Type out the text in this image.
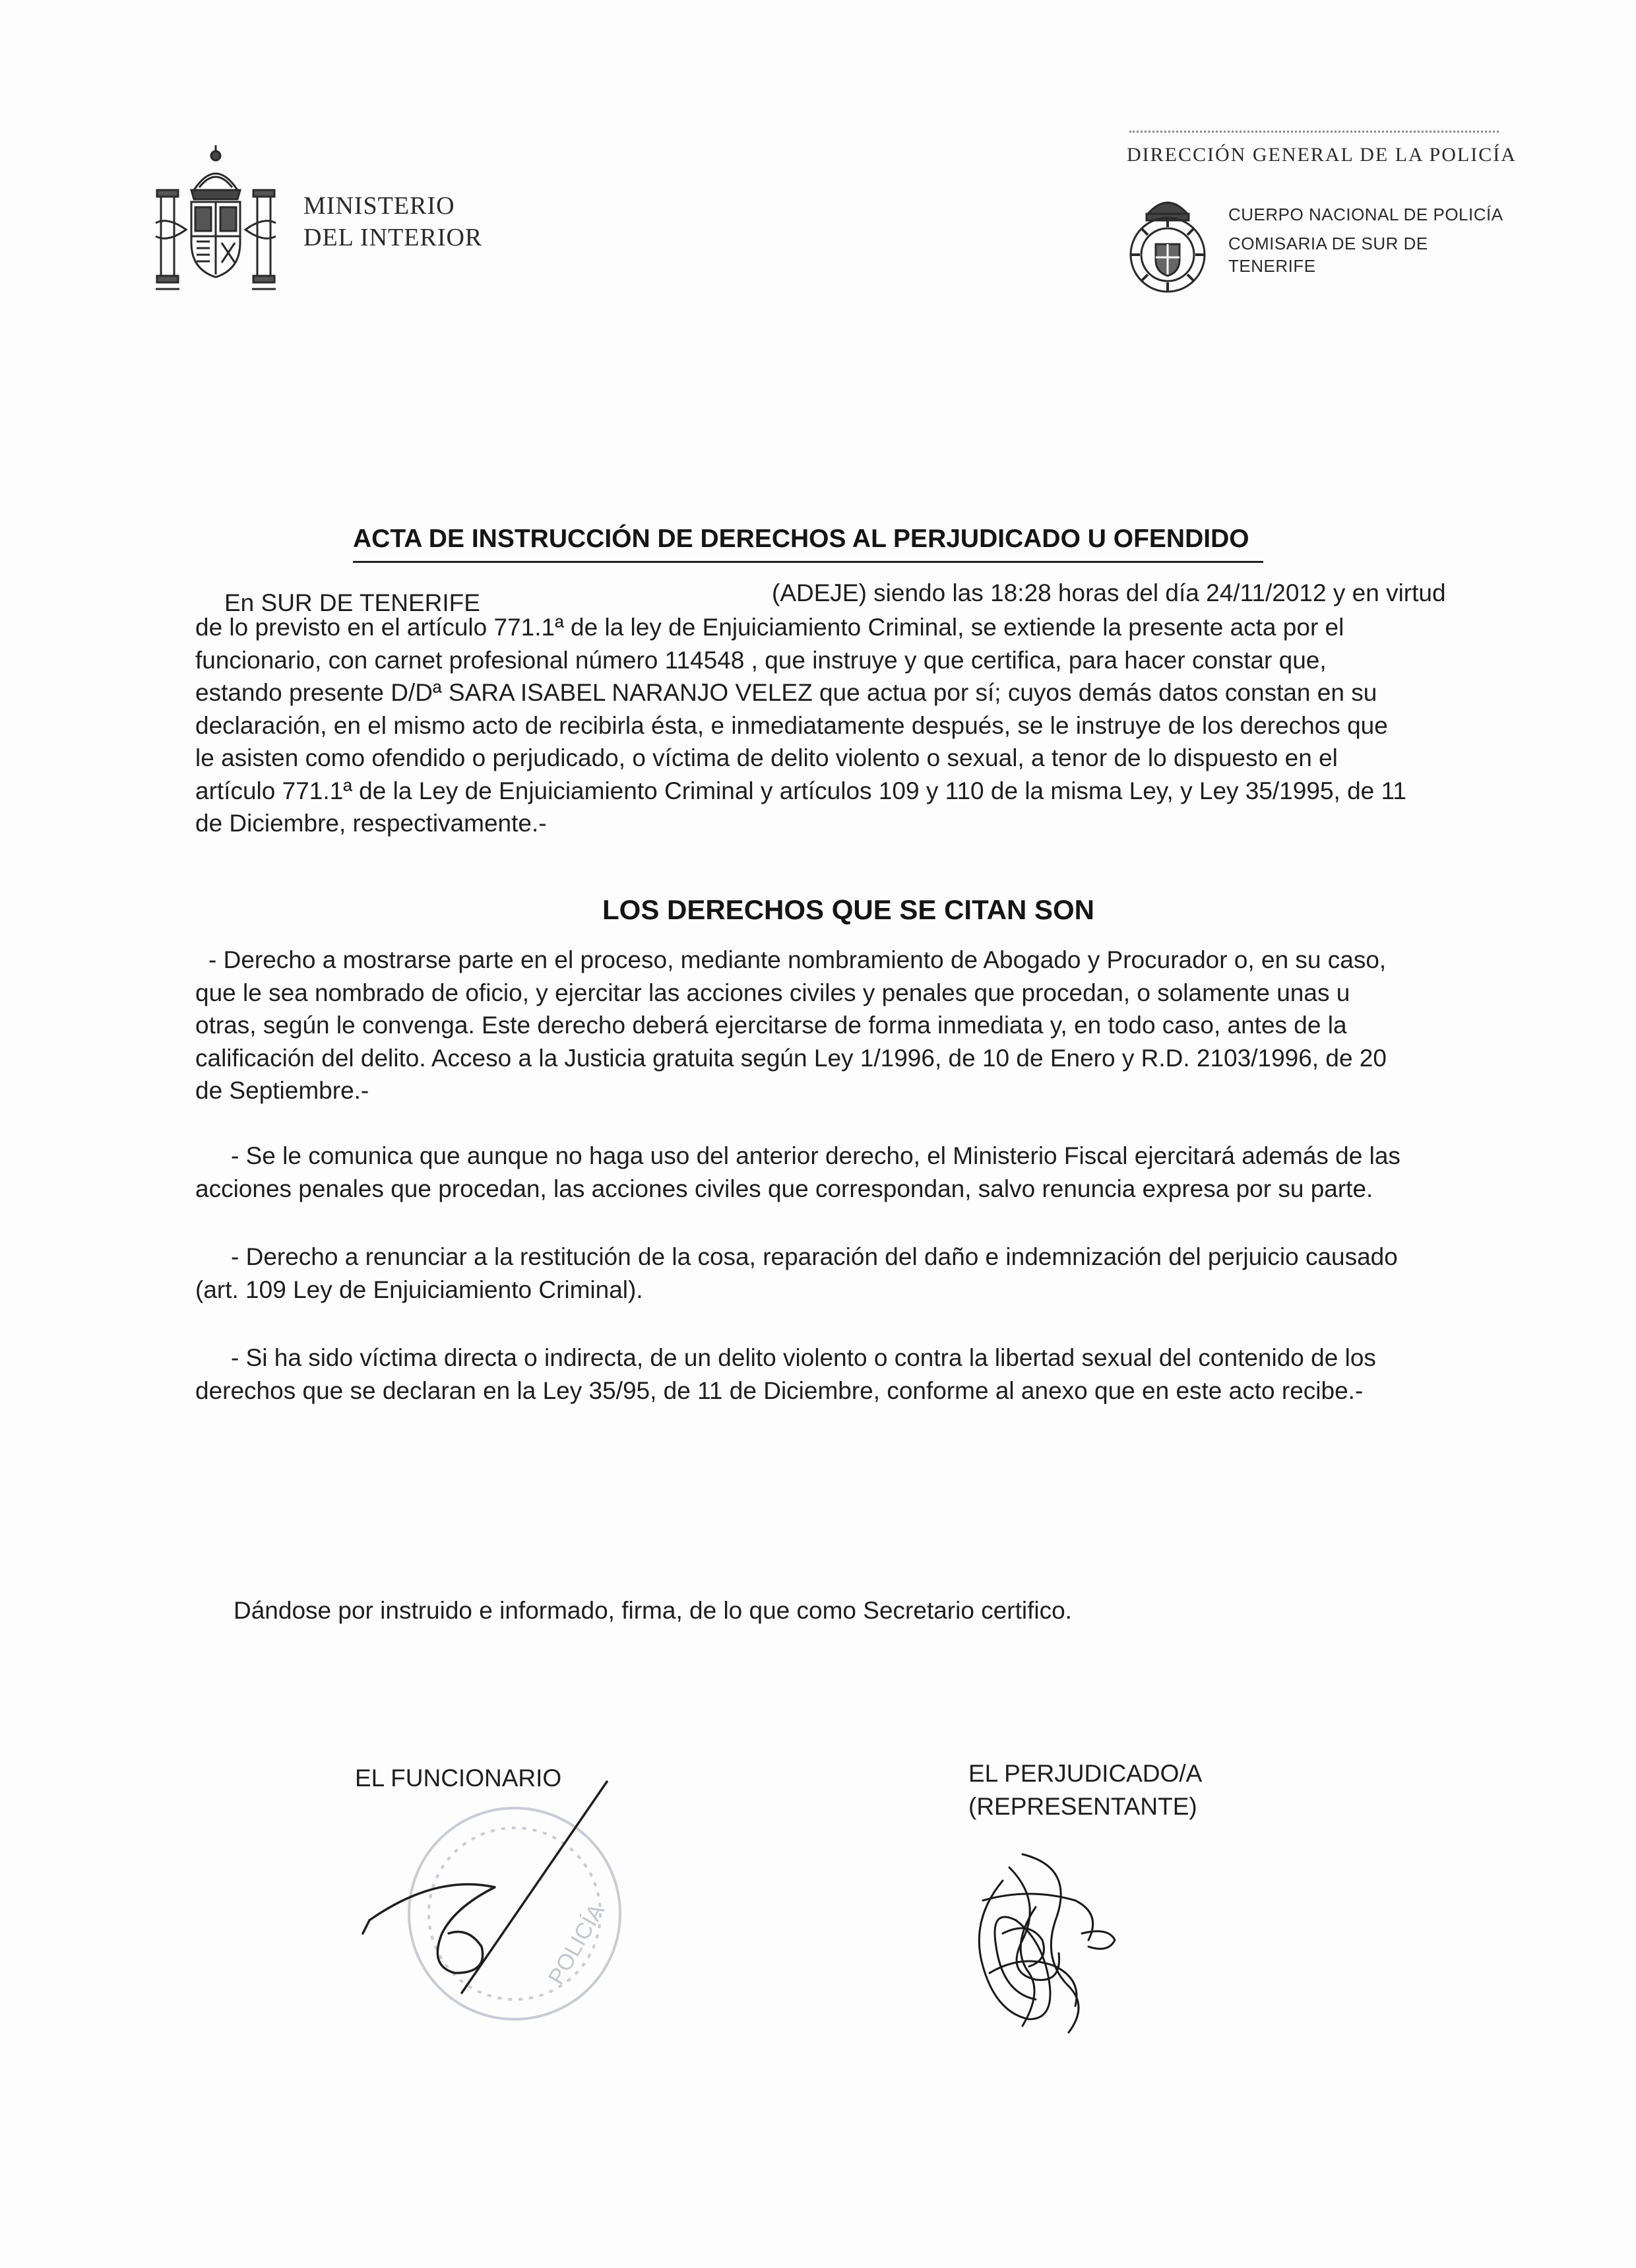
MINISTERIO
DEL INTERIOR
DIRECCIÓN GENERAL DE LA POLICÍA
CUERPO NACIONAL DE POLICÍA
COMISARIA DE SUR DE
TENERIFE
ACTA DE INSTRUCCIÓN DE DERECHOS AL PERJUDICADO U OFENDIDO
En SUR DE TENERIFE	(ADEJE) siendo las 18:28 horas del día 24/11/2012 y en virtud
de lo previsto en el artículo 771.1ª de la ley de Enjuiciamiento Criminal, se extiende la presente acta por el
funcionario, con carnet profesional número 114548 , que instruye y que certifica, para hacer constar que,
estando presente D/Dª SARA ISABEL NARANJO VELEZ que actua por sí; cuyos demás datos constan en su
declaración, en el mismo acto de recibirla ésta, e inmediatamente después, se le instruye de los derechos que
le asisten como ofendido o perjudicado, o víctima de delito violento o sexual, a tenor de lo dispuesto en el
artículo 771.1ª de la Ley de Enjuiciamiento Criminal y artículos 109 y 110 de la misma Ley, y Ley 35/1995, de 11
de Diciembre, respectivamente.-
LOS DERECHOS QUE SE CITAN SON
- Derecho a mostrarse parte en el proceso, mediante nombramiento de Abogado y Procurador o, en su caso,
que le sea nombrado de oficio, y ejercitar las acciones civiles y penales que procedan, o solamente unas u
otras, según le convenga. Este derecho deberá ejercitarse de forma inmediata y, en todo caso, antes de la
calificación del delito. Acceso a la Justicia gratuita según Ley 1/1996, de 10 de Enero y R.D. 2103/1996, de 20
de Septiembre.-
- Se le comunica que aunque no haga uso del anterior derecho, el Ministerio Fiscal ejercitará además de las
acciones penales que procedan, las acciones civiles que correspondan, salvo renuncia expresa por su parte.
- Derecho a renunciar a la restitución de la cosa, reparación del daño e indemnización del perjuicio causado
(art. 109 Ley de Enjuiciamiento Criminal).
- Si ha sido víctima directa o indirecta, de un delito violento o contra la libertad sexual del contenido de los
derechos que se declaran en la Ley 35/95, de 11 de Diciembre, conforme al anexo que en este acto recibe.-
Dándose por instruido e informado, firma, de lo que como Secretario certifico.
EL FUNCIONARIO	EL PERJUDICADO/A
(REPRESENTANTE)
POLICÍA
